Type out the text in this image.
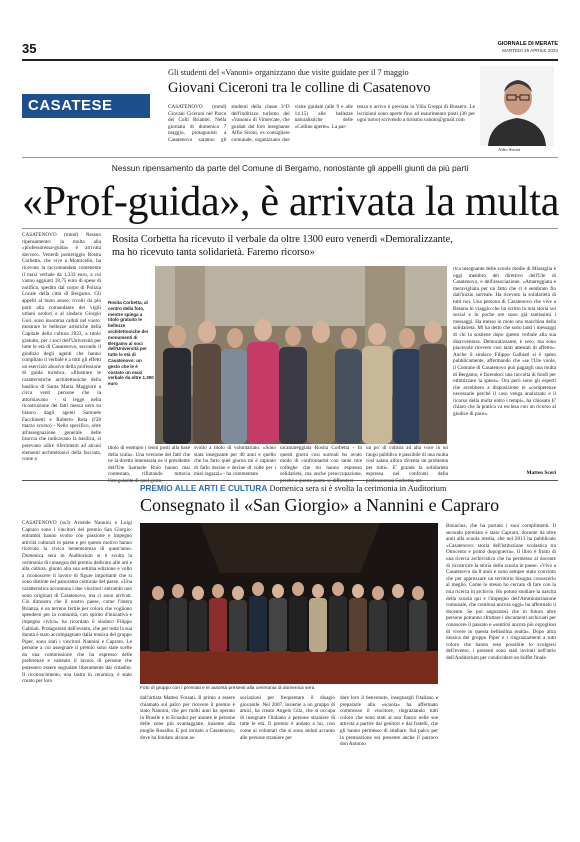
35	GIORNALE DI MERATE
MARTEDÌ 26 APRILE 2023
CASATESE
Gli studenti del «Vanoni» organizzano due visite guidate per il 7 maggio
Giovani Ciceroni tra le colline di Casatenovo
CASATENOVO (mmd) Giovani Ciceroni nel Parco dei Colli Briantei. Nella giornata di domenica 7 maggio, protagonisti a Casatenovo saranno gli studenti della classe 3^D dell'indirizzo turismo del «Vanoni» di Vimercate, che guidati dal loro insegnante Alfio Sironi, ex consigliere comunale, organizzano due visite guidate (alle 9 e alle 14.15) alle bellezze naturalistiche delle «Colline aperte». La par-
tenza e arrivo è prevista in Villa Greppi di Bussero. Le iscrizioni sono aperte fino ad esaurimento posti (30 per ogni turno) scrivendo a turismo.vanoni@gmail.com
Alfio Sironi
Nessun ripensamento da parte del Comune di Bergamo, nonostante gli appelli giunti da più parti
«Prof-guida», è arrivata la multa
CASATENOVO (mmd) Nessun ripensamento: la multa alla «professoressa-guida» è arrivata davvero. Venerdì pomeriggio Rosita Corbetta, che vive a Monticello, ha ricevuto la raccomandata contenente il maxi verbale da 1.333 euro, a cui vanno aggiunti 18,75 euro di spese di notifica, spedito dal corpo di Polizia Locale della città di Bergamo. Gli appelli al buon senso, rivolti da più parti alla comandante dei vigili urbani orobici e al sindaco Giorgio Gori, sono insomma caduti nel vuoto: mostrare le bellezze artistiche della Capitale della cultura 2023, a titolo gratuito, per i soci dell'Università per tutte le età di Casatenovo, secondo il giudizio degli agenti che hanno compilato il verbale è a tutti gli effetti un esercizio abusivo della professione di guida turistica. «Illustrare le caratteristiche architettoniche della basilica di Santa Maria Maggiore a circa venti persone che la attorniavano - si legge nella ricostruzione dei fatti messa nero su bianco dagli agenti Samuele Facchinetti e Roberto Rota (l'28 marzo scorso) - Nello specifico, oltre all'assegnazione generale delle braccia che indicavano la basilica, si potevano udire riferimenti ad alcuni elementi architettonici della facciata, come a
Rosita Corbetta ha ricevuto il verbale da oltre 1300 euro venerdì «Demoralizzante, ma ho ricevuto tanta solidarietà. Faremo ricorso»
Rosita Corbetta, al centro della foto, mentre spiega a titolo gratuito le bellezze architettoniche dei monumenti di Bergamo ai soci dell'Università per tutte le età di Casatenovo: un gesto che le è costato un maxi verbale da oltre 1.300 euro
titolo di esempio i leoni posti alla base della scala». Una versione dei fatti che ne la diretta interessata ne il presidente dell'Ute Samuele Ruio hanno mai contestato, rifiutando tuttavia
svolto a titolo di volontariato. «Sono stata insegnante per 40 anni e quello che ho fatto quel giorno mi è capitato di farlo decine e decine di volte per i miei ragazzi» - ha commentato
un'amareggiata Rosita Corbetta - In questi giorni così surreali ho avuto modo di confrontarmi con tante mie colleghe che mi hanno espresso solidarietà, ma anche preoccupazione,
un po' di cultura ad alta voce in un luogo pubblico è passibile di una multa così salata allora diventa un problema per tutti». E' grande la solidarietà espressa nei confronti della
rica insegnante delle scuole medie di Missaglia e oggi membro del direttivo dell'Ute di Casatenovo, e dell'associazione. «Amareggiata e meravigliata per un fatto che ci è sembrato fin dall'inizio surreale. Ha ricevuto la solidarietà di tutti noi. Una persona di Casatenovo che vive a Besana in viaggio che ha scritto la mia storia sui social e in poche ore sono già tantissimi i messaggi. Ha messo in moto una macchina della solidarietà. Mi ha detto che sono tanti i messaggi di chi la sostiene dopo questo verbale alla sua disavventura. Demoralizzante, è vero, ma sono piacevole ricevere così tanti attestati di affetto». Anche il sindaco Filippo Galbiati si è speso pubblicamente, affermando che «se l'Ute vuole, il Comune di Casatenovo può pagargli una multa di Bergamo, è facendoci una raccolta di fondi per ottimizzare la spesa». Ora però sono gli esperti che avrebbero a disposizione le «competenze necessarie perché il caso venga analizzato e il ricorso della multa entro i tempi», ha chiosato E' chiaro che la pratica va esclusa con un ricorso al giudice di pace».
Matteo Sceri
PREMIO ALLE ARTI E CULTURA Domenica sera si è svolta la cerimonia in Auditorium
Consegnato il «San Giorgio» a Nannini e Capraro
CASATENOVO (ss3) Aristide Nannini e Luigi Capraro sono i vincitori del premio San Giorgio: entrambi hanno svolto con passione e impegno attività culturali in paese e per questo motivo hanno ricevuto la civica benemerenza di quest'anno. Domenica sera in Auditorium si è svolta la cerimonia di consegna del premio dedicato alle arti e alla cultura, giunto alla sua settima edizione e volto a riconoscere il lavoro di figure importanti che si sono distinte nel panorama culturale del paese. «Una caratteristica accomuna i due vincitori: entrambi non sono originari di Casatenovo, ma ci sono arrivati. Ciò dimostra che il nostro paese, come l'intera Brianza, è un terreno fertile per coloro che vogliono spendersi per la comunità, con spirito d'iniziativa e impegno civico» ha ricordato il sindaco Filippo Galbiati. Protagonisti dell'evento, che per tutta la sua durata è stato accompagnato dalla musica del gruppo Piper, sono stati i vincitori Nannini e Capraro. Le persone a cui assegnare il premio sono state scelte da una commissione che ha espresso delle preferenze e valutato il lavoro di persone che potessero essere segnalate liberamente dai cittadini. Il riconoscimento, una lastra in ceramica, è stato creato per loro
Foto di gruppo con i premiati e le autorità presenti alla cerimonia di domenica sera
dall'artista Matteo Fossati. Il primo a essere chiamato sul palco per ricevere il premio è stato Nannini, che per molti anni ha operato in Brasile e in Ecuador per aiutare le persone delle zone più svantaggiate, insieme alla moglie Rosalba. E poi tornato a Casatenovo, dove ha fondato alcune as-
sociazioni per frequentare il disagio giovanile. Nel 2007, insieme a un gruppo di amici, ha creato Angelo Gitz, che si occupa di insegnare l'italiano a persone straniere di tutte le età. Il premio è andato a lui, così come ai volontari che si sono seduti accanto alle persone straniere per
dare loro il benvenuto, insegnargli l'italiano e prepararle alla «scuola» ha affermato commosso il vincitore, ringraziando tutti coloro che sono stati al suo fianco nelle sue attività a partire dai genitori e dai fratelli, che gli hanno permesso di studiare. Sul palco per la premiazione era presente anche il parroco don Antonio
Bonacina, che ha portato i suoi complimenti. Il secondo premiato è stato Capraro, docente da oltre anni alla scuola media, che nel 2013 ha pubblicato «Casatenovo: storia dell'istituzione scolastica tra Ottocento e primo dopoguerra». Il libro è frutto di una ricerca archivistica che ha permesso al docente di ricostruire la storia della scuola in paese. «Vivo a Casatenovo da 8 anni e sono sempre stato convinto che per apprezzare un territorio bisogna conoscerlo al meglio. Come lo stesso ho cercato di fare con la mia ricerca in archivio. Ho potuto studiare la nascita della scuola qui e l'impegno dell'Amministrazione comunale, che continua ancora oggi» ha affermato il docente. Se poi auguratosi che in futuro altre persone potranno sfruttare i documenti archiviati per conoscere il passato e «sentirsi ancora più orgogliosi di vivere in questa bellissima realtà». Dopo altra musica del gruppo Piper e i ringraziamenti a tutti coloro che hanno reso possibile lo svolgersi dell'evento, i presenti sono stati invitati nell'atrio dell'Auditorium per condividere un buffet finale.
